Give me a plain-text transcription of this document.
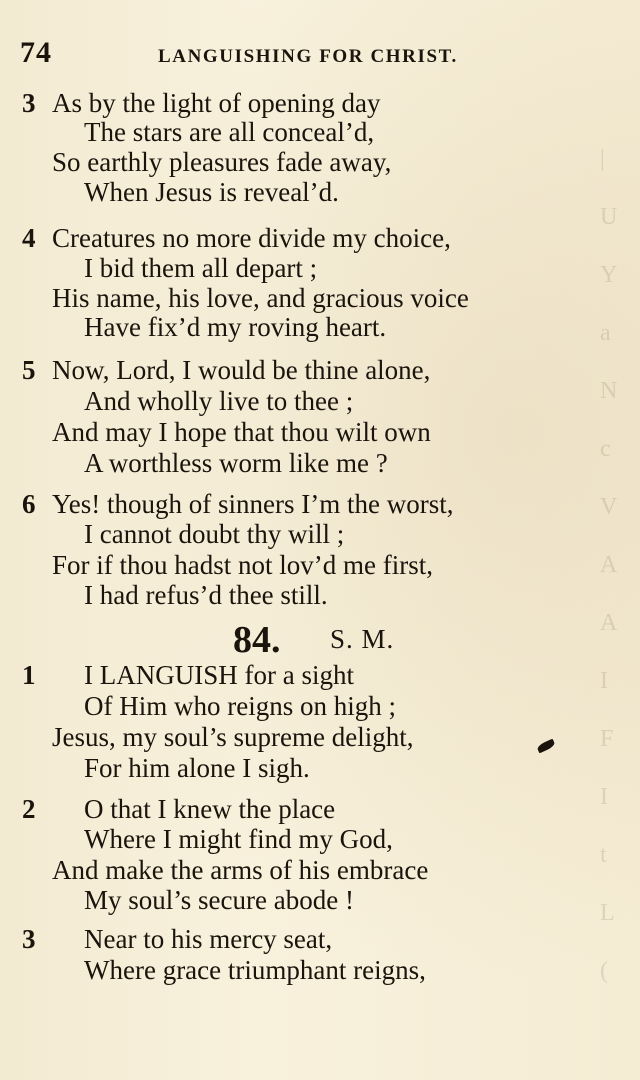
|
U
Y
a
N
c
V
A
A
I
F
I
t
L
(
74	LANGUISHING FOR CHRIST.
3 As by the light of opening day
The stars are all conceal’d,
So earthly pleasures fade away,
When Jesus is reveal’d.
4 Creatures no more divide my choice,
I bid them all depart ;
His name, his love, and gracious voice
Have fix’d my roving heart.
5 Now, Lord, I would be thine alone,
And wholly live to thee ;
And may I hope that thou wilt own
A worthless worm like me ?
6 Yes! though of sinners I’m the worst,
I cannot doubt thy will ;
For if thou hadst not lov’d me first,
I had refus’d thee still.
84. S. M.
1 I LANGUISH for a sight
Of Him who reigns on high ;
Jesus, my soul’s supreme delight,
For him alone I sigh.
2 O that I knew the place
Where I might find my God,
And make the arms of his embrace
My soul’s secure abode !
3 Near to his mercy seat,
Where grace triumphant reigns,
